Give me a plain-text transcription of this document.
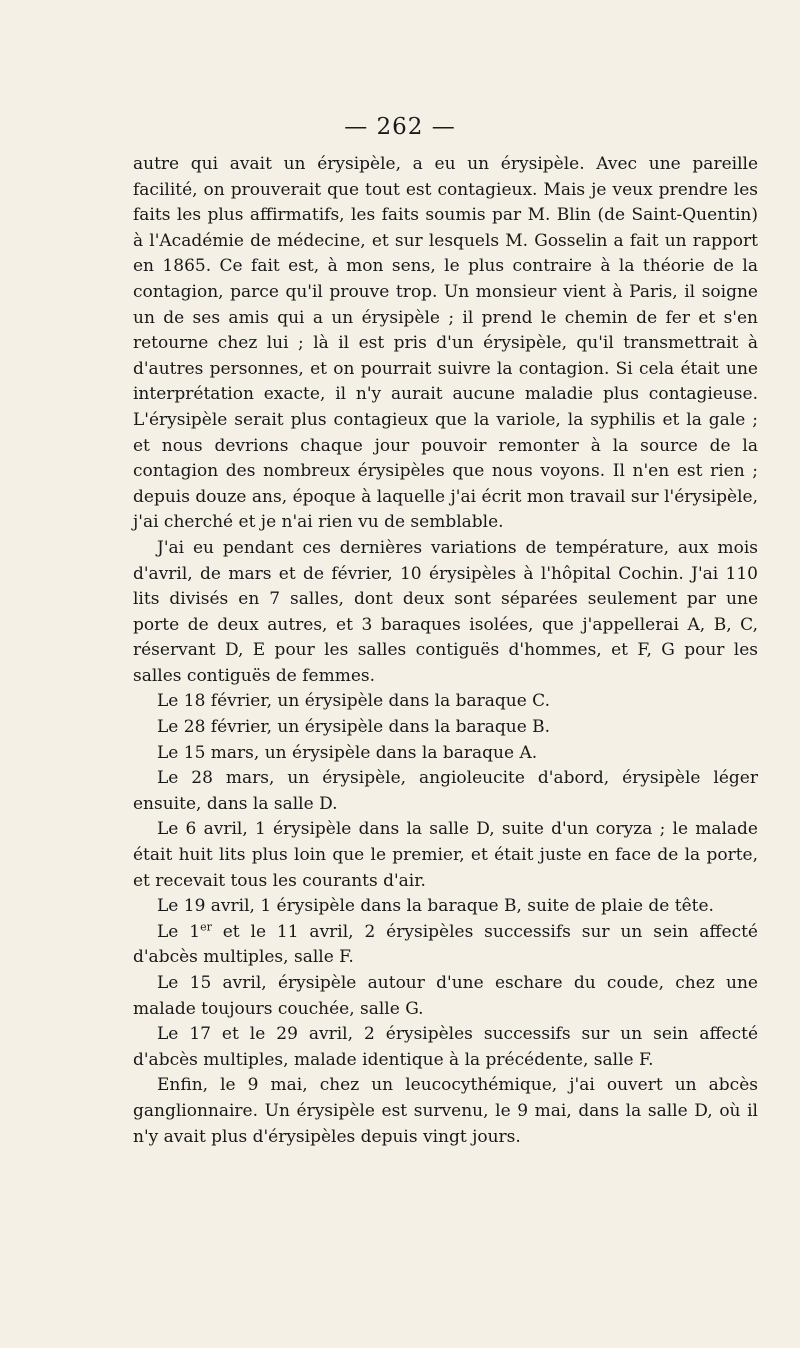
— 262 —

autre qui avait un érysipèle, a eu un érysipèle. Avec une pareille facilité, on prouverait que tout est contagieux. Mais je veux prendre les faits les plus affirmatifs, les faits soumis par M. Blin (de Saint-Quentin) à l'Académie de médecine, et sur lesquels M. Gosselin a fait un rapport en 1865. Ce fait est, à mon sens, le plus contraire à la théorie de la contagion, parce qu'il prouve trop. Un monsieur vient à Paris, il soigne un de ses amis qui a un érysipèle ; il prend le chemin de fer et s'en retourne chez lui ; là il est pris d'un érysipèle, qu'il transmettrait à d'autres personnes, et on pourrait suivre la contagion. Si cela était une interprétation exacte, il n'y aurait aucune maladie plus contagieuse. L'érysipèle serait plus contagieux que la variole, la syphilis et la gale ; et nous devrions chaque jour pouvoir remonter à la source de la contagion des nombreux érysipèles que nous voyons. Il n'en est rien ; depuis douze ans, époque à laquelle j'ai écrit mon travail sur l'érysipèle, j'ai cherché et je n'ai rien vu de semblable.

J'ai eu pendant ces dernières variations de température, aux mois d'avril, de mars et de février, 10 érysipèles à l'hôpital Cochin. J'ai 110 lits divisés en 7 salles, dont deux sont séparées seulement par une porte de deux autres, et 3 baraques isolées, que j'appellerai A, B, C, réservant D, E pour les salles contiguës d'hommes, et F, G pour les salles contiguës de femmes.

Le 18 février, un érysipèle dans la baraque C.

Le 28 février, un érysipèle dans la baraque B.

Le 15 mars, un érysipèle dans la baraque A.

Le 28 mars, un érysipèle, angioleucite d'abord, érysipèle léger ensuite, dans la salle D.

Le 6 avril, 1 érysipèle dans la salle D, suite d'un coryza ; le malade était huit lits plus loin que le premier, et était juste en face de la porte, et recevait tous les courants d'air.

Le 19 avril, 1 érysipèle dans la baraque B, suite de plaie de tête.

Le 1er et le 11 avril, 2 érysipèles successifs sur un sein affecté d'abcès multiples, salle F.

Le 15 avril, érysipèle autour d'une eschare du coude, chez une malade toujours couchée, salle G.

Le 17 et le 29 avril, 2 érysipèles successifs sur un sein affecté d'abcès multiples, malade identique à la précédente, salle F.

Enfin, le 9 mai, chez un leucocythémique, j'ai ouvert un abcès ganglionnaire. Un érysipèle est survenu, le 9 mai, dans la salle D, où il n'y avait plus d'érysipèles depuis vingt jours.
